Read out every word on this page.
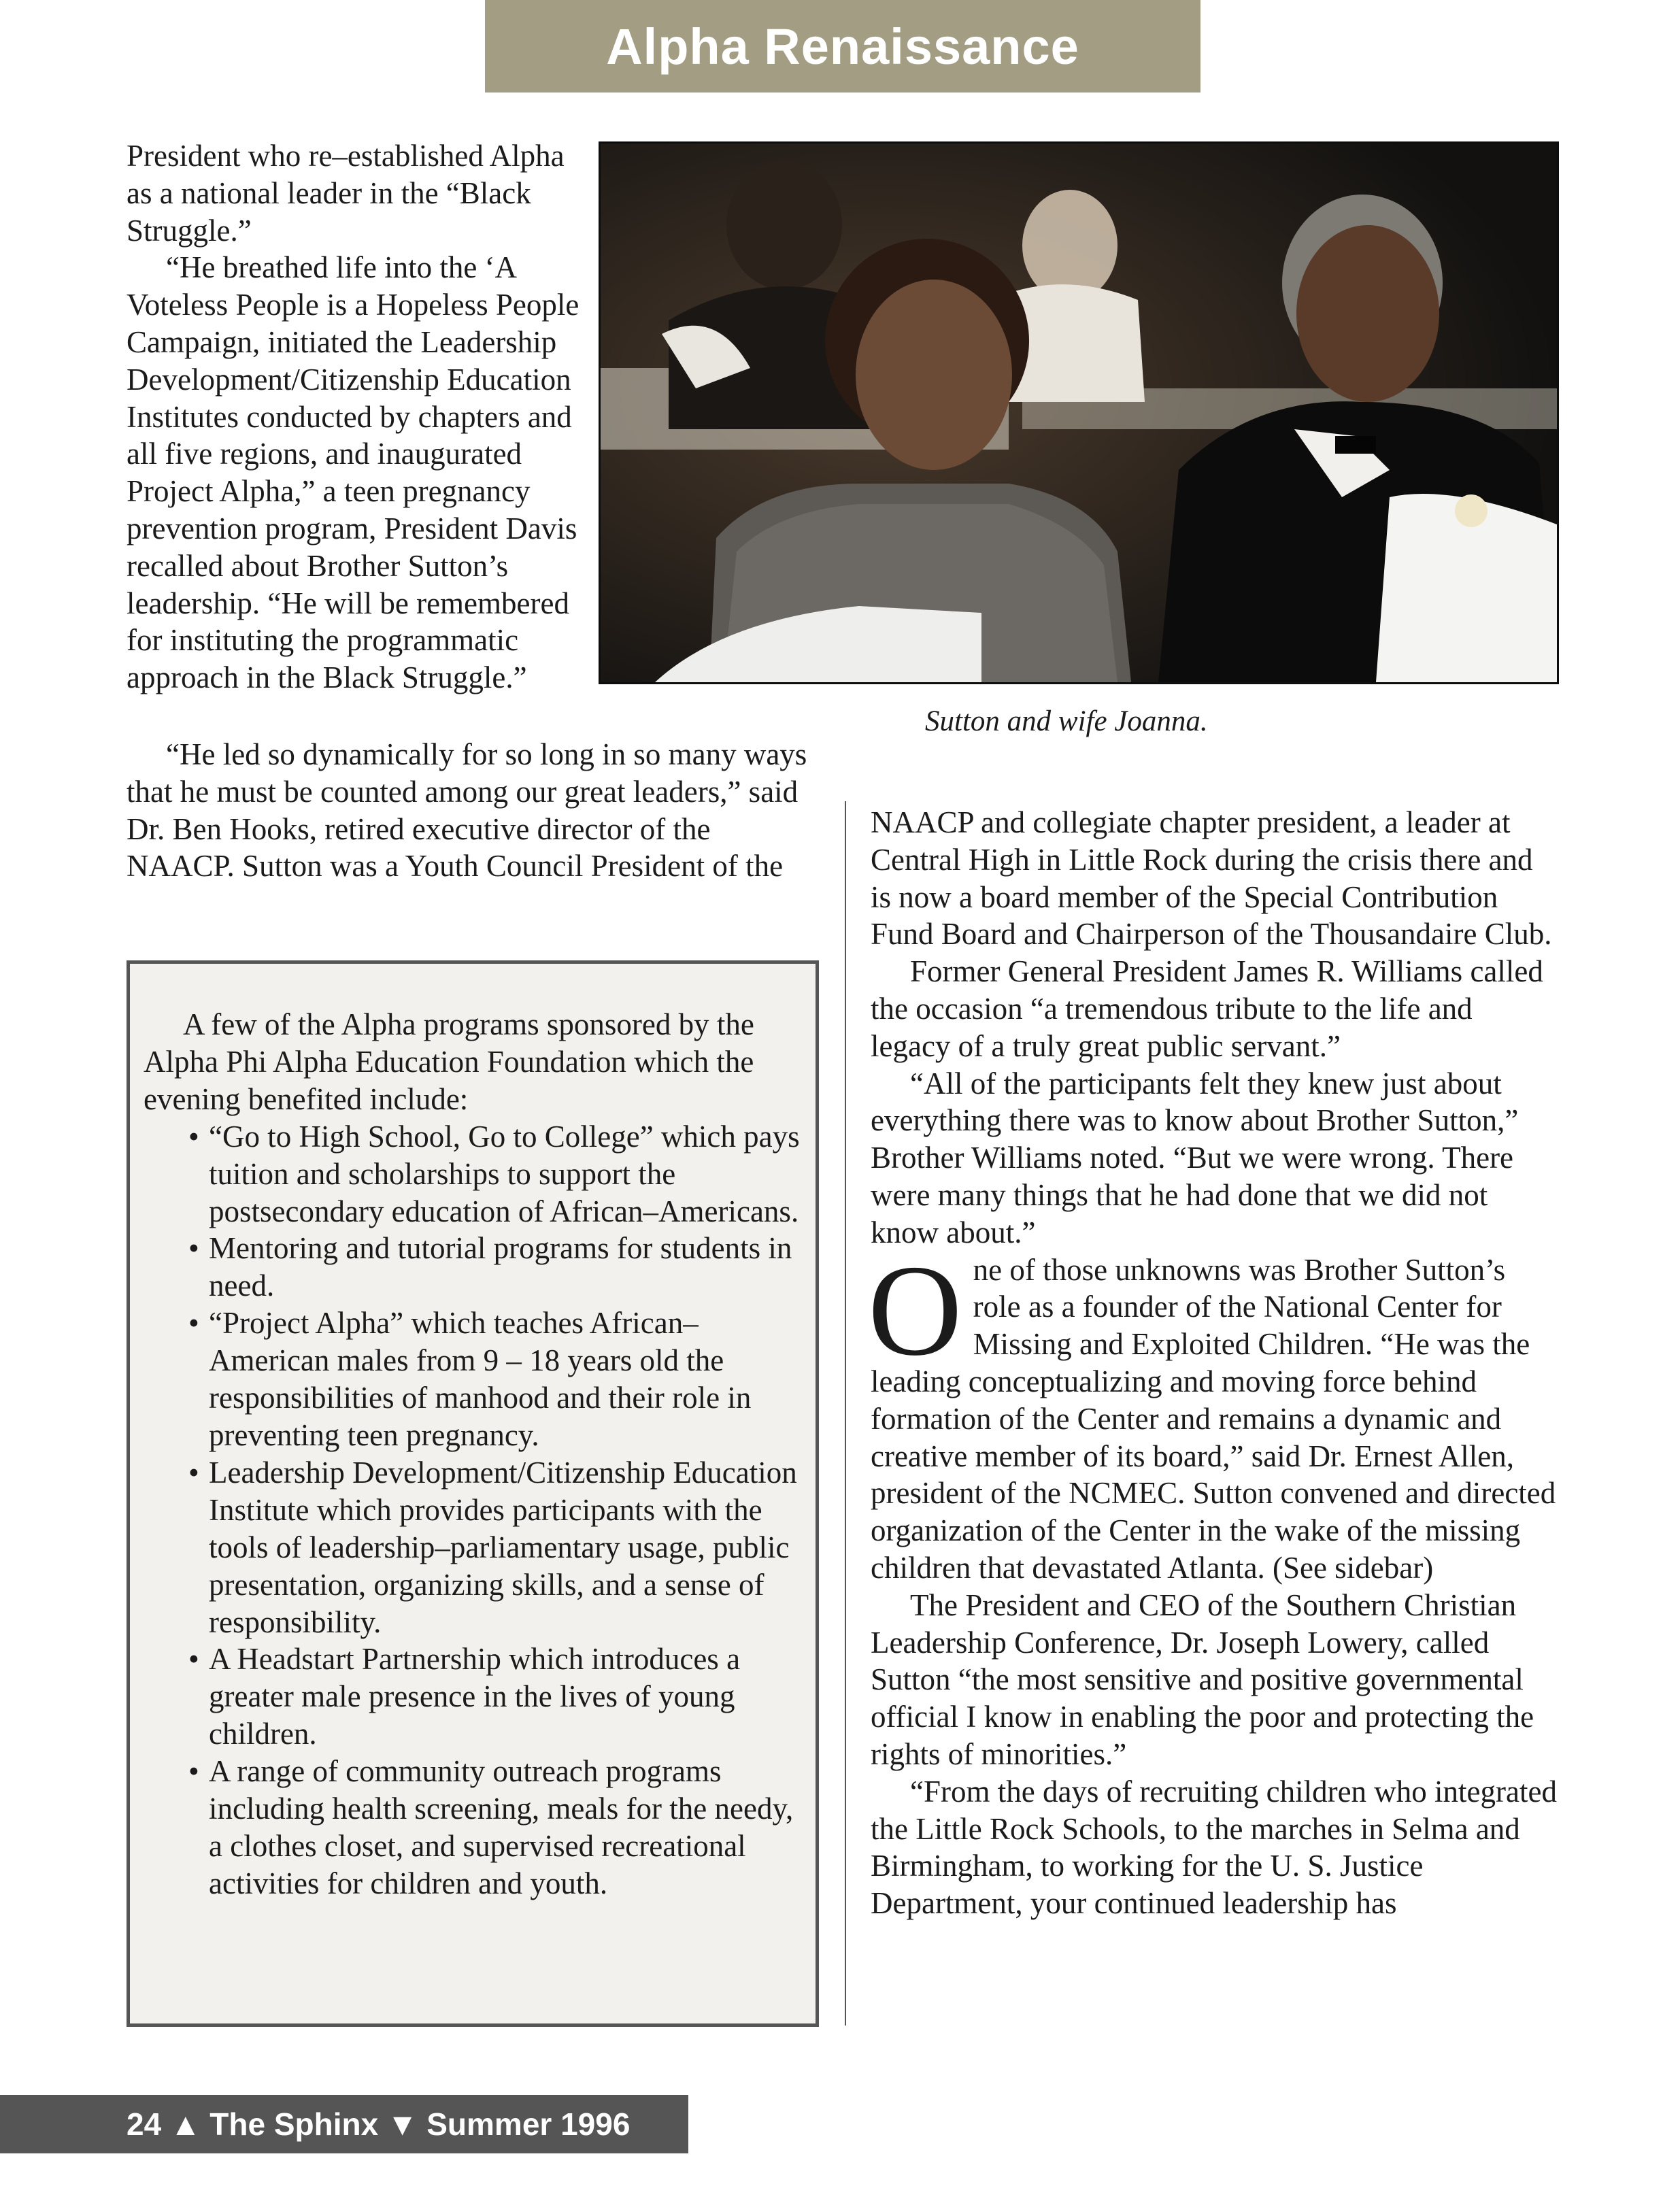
Alpha Renaissance

President who re–established Alpha as a national leader in the “Black Struggle.”

“He breathed life into the ‘A Voteless People is a Hopeless People Campaign, initiated the Leadership Development/Citizenship Education Institutes conducted by chapters and all five regions, and inaugurated Project Alpha,” a teen pregnancy prevention program, President Davis recalled about Brother Sutton’s leadership. “He will be remembered for instituting the programmatic approach in the Black Struggle.”

“He led so dynamically for so long in so many ways that he must be counted among our great leaders,” said Dr. Ben Hooks, retired executive director of the NAACP. Sutton was a Youth Council President of the

Sutton and wife Joanna.

A few of the Alpha programs sponsored by the Alpha Phi Alpha Education Foundation which the evening benefited include:

• “Go to High School, Go to College” which pays tuition and scholarships to support the postsecondary education of African–Americans.
• Mentoring and tutorial programs for students in need.
• “Project Alpha” which teaches African–American males from 9 – 18 years old the responsibilities of manhood and their role in preventing teen pregnancy.
• Leadership Development/Citizenship Education Institute which provides participants with the tools of leadership–parliamentary usage, public presentation, organizing skills, and a sense of responsibility.
• A Headstart Partnership which introduces a greater male presence in the lives of young children.
• A range of community outreach programs including health screening, meals for the needy, a clothes closet, and supervised recreational activities for children and youth.

NAACP and collegiate chapter president, a leader at Central High in Little Rock during the crisis there and is now a board member of the Special Contribution Fund Board and Chairperson of the Thousandaire Club.

Former General President James R. Williams called the occasion “a tremendous tribute to the life and legacy of a truly great public servant.”

“All of the participants felt they knew just about everything there was to know about Brother Sutton,” Brother Williams noted. “But we were wrong. There were many things that he had done that we did not know about.”

One of those unknowns was Brother Sutton’s role as a founder of the National Center for Missing and Exploited Children. “He was the leading conceptualizing and moving force behind formation of the Center and remains a dynamic and creative member of its board,” said Dr. Ernest Allen, president of the NCMEC. Sutton convened and directed organization of the Center in the wake of the missing children that devastated Atlanta. (See sidebar)

The President and CEO of the Southern Christian Leadership Conference, Dr. Joseph Lowery, called Sutton “the most sensitive and positive governmental official I know in enabling the poor and protecting the rights of minorities.”

“From the days of recruiting children who integrated the Little Rock Schools, to the marches in Selma and Birmingham, to working for the U. S. Justice Department, your continued leadership has

24 ▲ The Sphinx ▼ Summer 1996
